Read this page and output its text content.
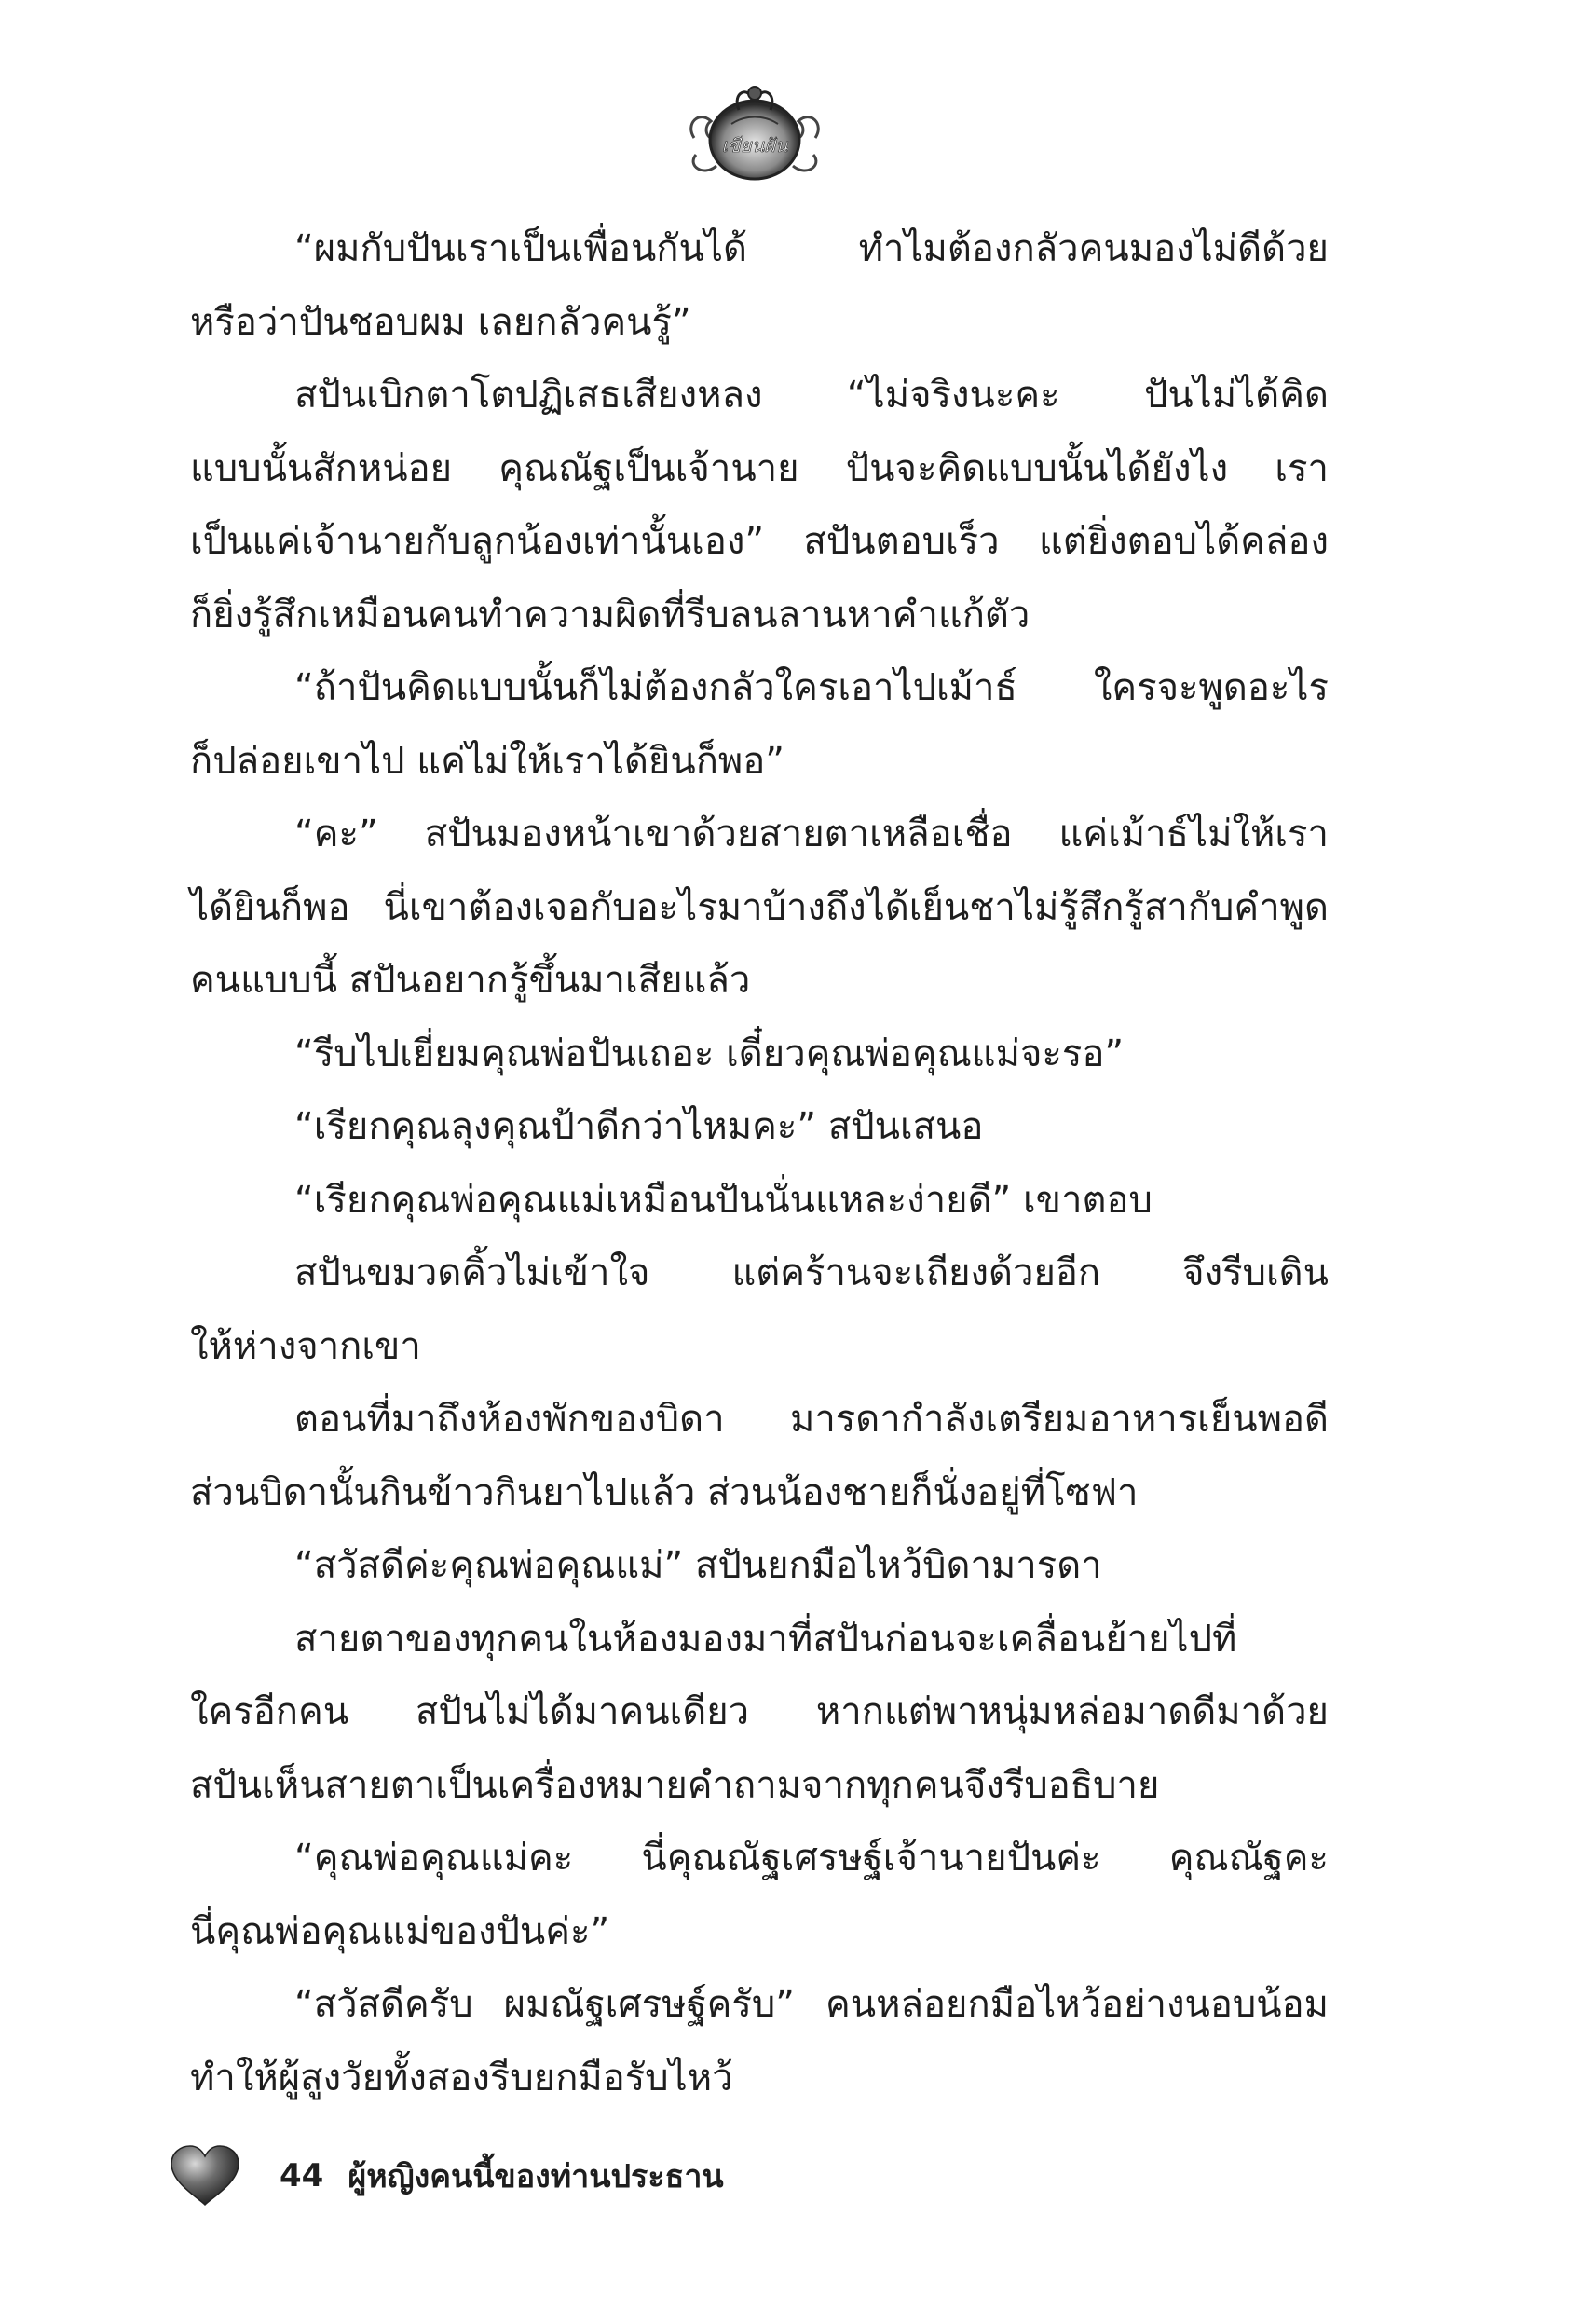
เขียนฝัน
“ผมกับปันเราเป็นเพื่อนกันได้ ทำไมต้องกลัวคนมองไม่ดีด้วย
หรือว่าปันชอบผม เลยกลัวคนรู้”
สปันเบิกตาโตปฏิเสธเสียงหลง “ไม่จริงนะคะ ปันไม่ได้คิด
แบบนั้นสักหน่อย คุณณัฐเป็นเจ้านาย ปันจะคิดแบบนั้นได้ยังไง เรา
เป็นแค่เจ้านายกับลูกน้องเท่านั้นเอง” สปันตอบเร็ว แต่ยิ่งตอบได้คล่อง
ก็ยิ่งรู้สึกเหมือนคนทำความผิดที่รีบลนลานหาคำแก้ตัว
“ถ้าปันคิดแบบนั้นก็ไม่ต้องกลัวใครเอาไปเม้าธ์ ใครจะพูดอะไร
ก็ปล่อยเขาไป แค่ไม่ให้เราได้ยินก็พอ”
“คะ” สปันมองหน้าเขาด้วยสายตาเหลือเชื่อ แค่เม้าธ์ไม่ให้เรา
ได้ยินก็พอ นี่เขาต้องเจอกับอะไรมาบ้างถึงได้เย็นชาไม่รู้สึกรู้สากับคำพูด
คนแบบนี้ สปันอยากรู้ขึ้นมาเสียแล้ว
“รีบไปเยี่ยมคุณพ่อปันเถอะ เดี๋ยวคุณพ่อคุณแม่จะรอ”
“เรียกคุณลุงคุณป้าดีกว่าไหมคะ” สปันเสนอ
“เรียกคุณพ่อคุณแม่เหมือนปันนั่นแหละง่ายดี” เขาตอบ
สปันขมวดคิ้วไม่เข้าใจ แต่คร้านจะเถียงด้วยอีก จึงรีบเดิน
ให้ห่างจากเขา
ตอนที่มาถึงห้องพักของบิดา มารดากำลังเตรียมอาหารเย็นพอดี
ส่วนบิดานั้นกินข้าวกินยาไปแล้ว ส่วนน้องชายก็นั่งอยู่ที่โซฟา
“สวัสดีค่ะคุณพ่อคุณแม่” สปันยกมือไหว้บิดามารดา
สายตาของทุกคนในห้องมองมาที่สปันก่อนจะเคลื่อนย้ายไปที่
ใครอีกคน สปันไม่ได้มาคนเดียว หากแต่พาหนุ่มหล่อมาดดีมาด้วย
สปันเห็นสายตาเป็นเครื่องหมายคำถามจากทุกคนจึงรีบอธิบาย
“คุณพ่อคุณแม่คะ นี่คุณณัฐเศรษฐ์เจ้านายปันค่ะ คุณณัฐคะ
นี่คุณพ่อคุณแม่ของปันค่ะ”
“สวัสดีครับ ผมณัฐเศรษฐ์ครับ” คนหล่อยกมือไหว้อย่างนอบน้อม
ทำให้ผู้สูงวัยทั้งสองรีบยกมือรับไหว้
44 ผู้หญิงคนนี้ของท่านประธาน
